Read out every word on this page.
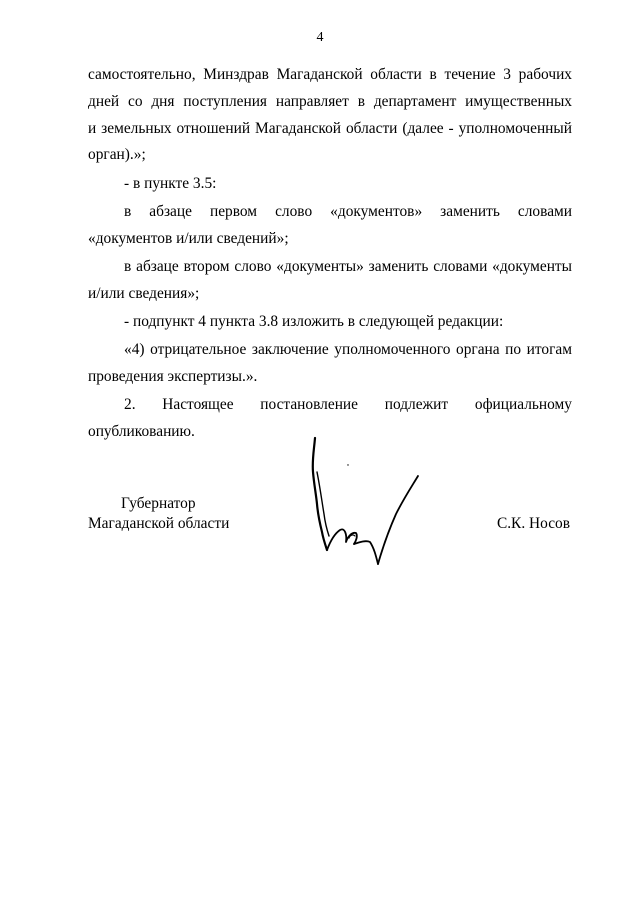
4

самостоятельно, Минздрав Магаданской области в течение 3 рабочих

дней со дня поступления направляет в департамент имущественных

и земельных отношений Магаданской области (далее - уполномоченный

орган).»;

- в пункте 3.5:

в абзаце первом слово «документов» заменить словами

«документов и/или сведений»;

в абзаце втором слово «документы» заменить словами «документы

и/или сведения»;

- подпункт 4 пункта 3.8 изложить в следующей редакции:

«4) отрицательное заключение уполномоченного органа по итогам

проведения экспертизы.».

2. Настоящее постановление подлежит официальному

опубликованию.

Губернатор
Магаданской области	С.К. Носов
